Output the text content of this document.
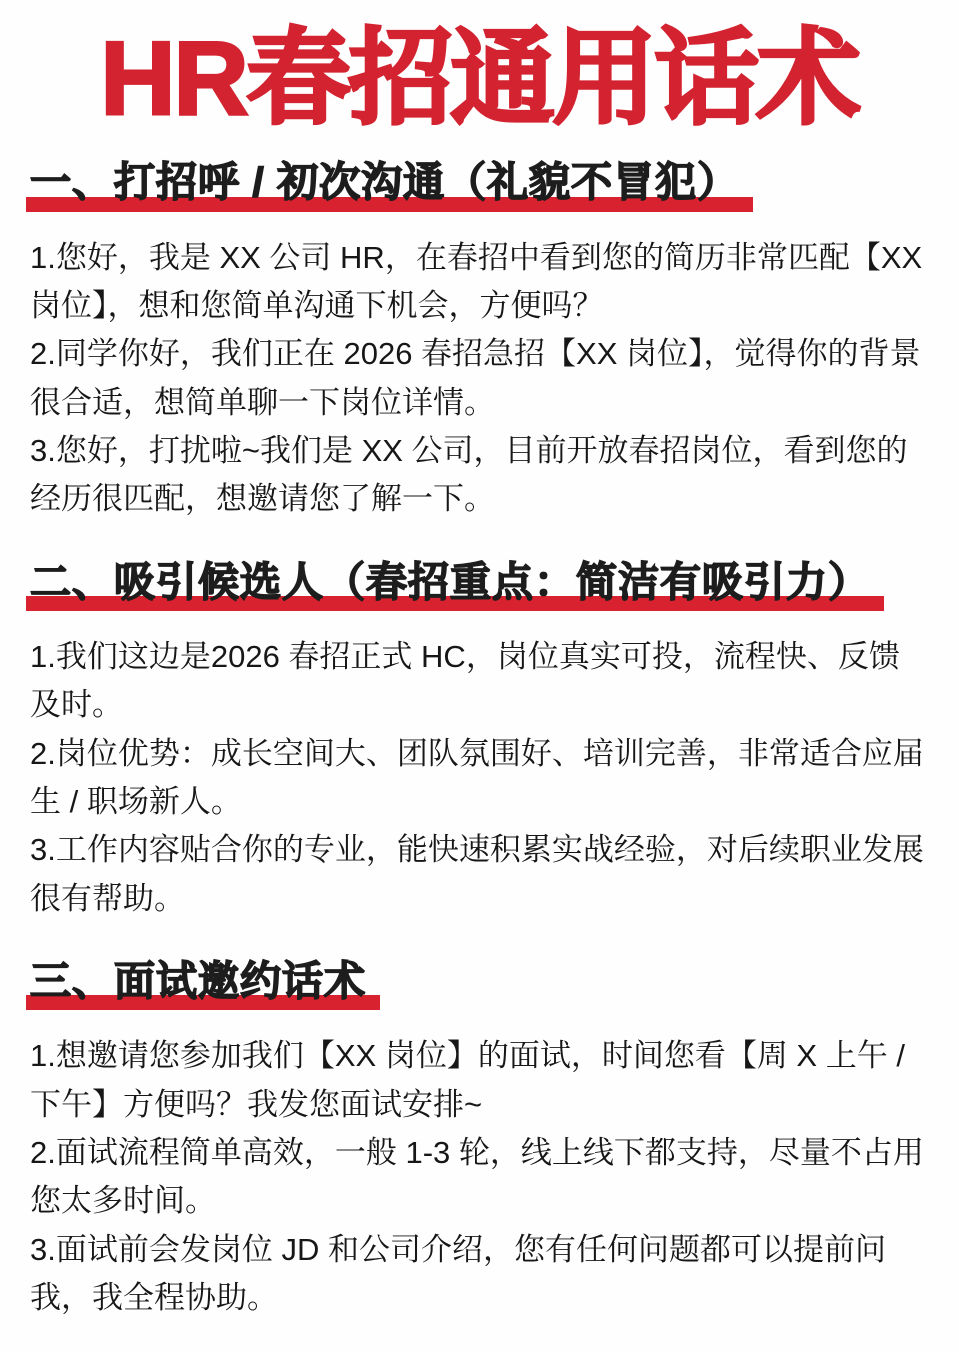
HR春招通用话术
一、打招呼 / 初次沟通（礼貌不冒犯）

1.您好，我是 XX 公司 HR，在春招中看到您的简历非常匹配【XX 岗位】，想和您简单沟通下机会，方便吗？

2.同学你好，我们正在 2026 春招急招【XX 岗位】，觉得你的背景很合适，想简单聊一下岗位详情。

3.您好，打扰啦~我们是 XX 公司，目前开放春招岗位，看到您的经历很匹配，想邀请您了解一下。

二、吸引候选人（春招重点：简洁有吸引力）

1.我们这边是2026 春招正式 HC，岗位真实可投，流程快、反馈及时。

2.岗位优势：成长空间大、团队氛围好、培训完善，非常适合应届生 / 职场新人。

3.工作内容贴合你的专业，能快速积累实战经验，对后续职业发展很有帮助。

三、面试邀约话术

1.想邀请您参加我们【XX 岗位】的面试，时间您看【周 X 上午 / 下午】方便吗？我发您面试安排~

2.面试流程简单高效，一般 1-3 轮，线上线下都支持，尽量不占用您太多时间。

3.面试前会发岗位 JD 和公司介绍，您有任何问题都可以提前问我，我全程协助。
